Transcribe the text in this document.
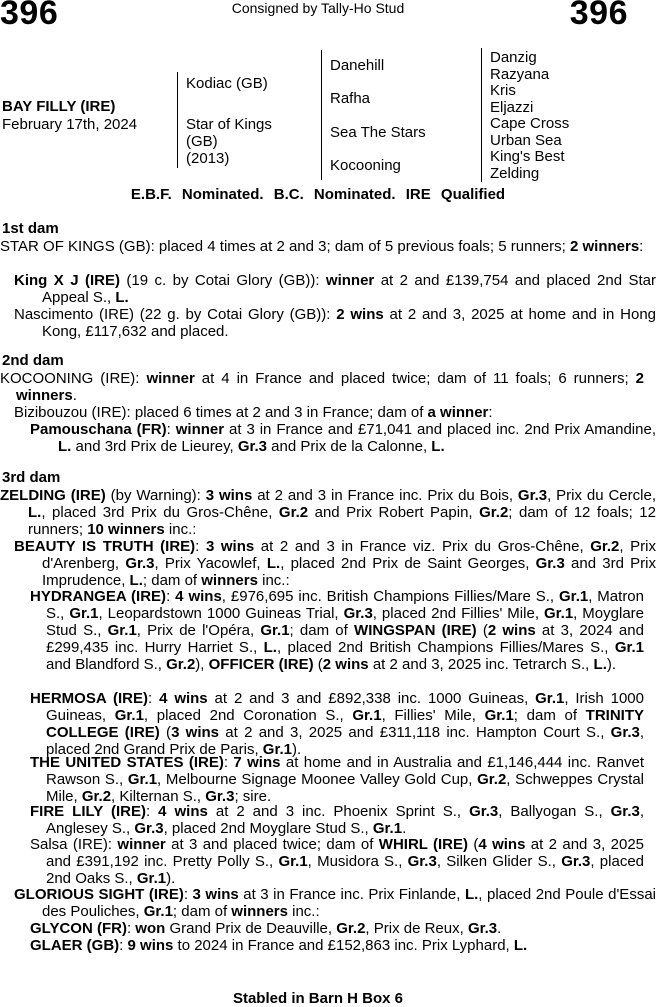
396	Consigned by Tally-Ho Stud	396
BAY FILLY (IRE)
February 17th, 2024
Kodiac (GB)
Star of Kings
(GB)
(2013)
Danehill
Rafha
Sea The Stars
Kocooning
Danzig
Razyana
Kris
Eljazzi
Cape Cross
Urban Sea
King's Best
Zelding
E.B.F. Nominated. B.C. Nominated. IRE Qualified
1st dam
STAR OF KINGS (GB): placed 4 times at 2 and 3; dam of 5 previous foals; 5 runners; 2 winners:
King X J (IRE) (19 c. by Cotai Glory (GB)): winner at 2 and £139,754 and placed 2nd Star Appeal S., L.
Nascimento (IRE) (22 g. by Cotai Glory (GB)): 2 wins at 2 and 3, 2025 at home and in Hong Kong, £117,632 and placed.
2nd dam
KOCOONING (IRE): winner at 4 in France and placed twice; dam of 11 foals; 6 runners; 2 winners.
Bizibouzou (IRE): placed 6 times at 2 and 3 in France; dam of a winner:
Pamouschana (FR): winner at 3 in France and £71,041 and placed inc. 2nd Prix Amandine, L. and 3rd Prix de Lieurey, Gr.3 and Prix de la Calonne, L.
3rd dam
ZELDING (IRE) (by Warning): 3 wins at 2 and 3 in France inc. Prix du Bois, Gr.3, Prix du Cercle, L., placed 3rd Prix du Gros-Chêne, Gr.2 and Prix Robert Papin, Gr.2; dam of 12 foals; 12 runners; 10 winners inc.:
BEAUTY IS TRUTH (IRE): 3 wins at 2 and 3 in France viz. Prix du Gros-Chêne, Gr.2, Prix d'Arenberg, Gr.3, Prix Yacowlef, L., placed 2nd Prix de Saint Georges, Gr.3 and 3rd Prix Imprudence, L.; dam of winners inc.:
HYDRANGEA (IRE): 4 wins, £976,695 inc. British Champions Fillies/Mare S., Gr.1, Matron S., Gr.1, Leopardstown 1000 Guineas Trial, Gr.3, placed 2nd Fillies' Mile, Gr.1, Moyglare Stud S., Gr.1, Prix de l'Opéra, Gr.1; dam of WINGSPAN (IRE) (2 wins at 3, 2024 and £299,435 inc. Hurry Harriet S., L., placed 2nd British Champions Fillies/Mares S., Gr.1 and Blandford S., Gr.2), OFFICER (IRE) (2 wins at 2 and 3, 2025 inc. Tetrarch S., L.).
HERMOSA (IRE): 4 wins at 2 and 3 and £892,338 inc. 1000 Guineas, Gr.1, Irish 1000 Guineas, Gr.1, placed 2nd Coronation S., Gr.1, Fillies' Mile, Gr.1; dam of TRINITY COLLEGE (IRE) (3 wins at 2 and 3, 2025 and £311,118 inc. Hampton Court S., Gr.3, placed 2nd Grand Prix de Paris, Gr.1).
THE UNITED STATES (IRE): 7 wins at home and in Australia and £1,146,444 inc. Ranvet Rawson S., Gr.1, Melbourne Signage Moonee Valley Gold Cup, Gr.2, Schweppes Crystal Mile, Gr.2, Kilternan S., Gr.3; sire.
FIRE LILY (IRE): 4 wins at 2 and 3 inc. Phoenix Sprint S., Gr.3, Ballyogan S., Gr.3, Anglesey S., Gr.3, placed 2nd Moyglare Stud S., Gr.1.
Salsa (IRE): winner at 3 and placed twice; dam of WHIRL (IRE) (4 wins at 2 and 3, 2025 and £391,192 inc. Pretty Polly S., Gr.1, Musidora S., Gr.3, Silken Glider S., Gr.3, placed 2nd Oaks S., Gr.1).
GLORIOUS SIGHT (IRE): 3 wins at 3 in France inc. Prix Finlande, L., placed 2nd Poule d'Essai des Pouliches, Gr.1; dam of winners inc.:
GLYCON (FR): won Grand Prix de Deauville, Gr.2, Prix de Reux, Gr.3.
GLAER (GB): 9 wins to 2024 in France and £152,863 inc. Prix Lyphard, L.
Stabled in Barn H Box 6
